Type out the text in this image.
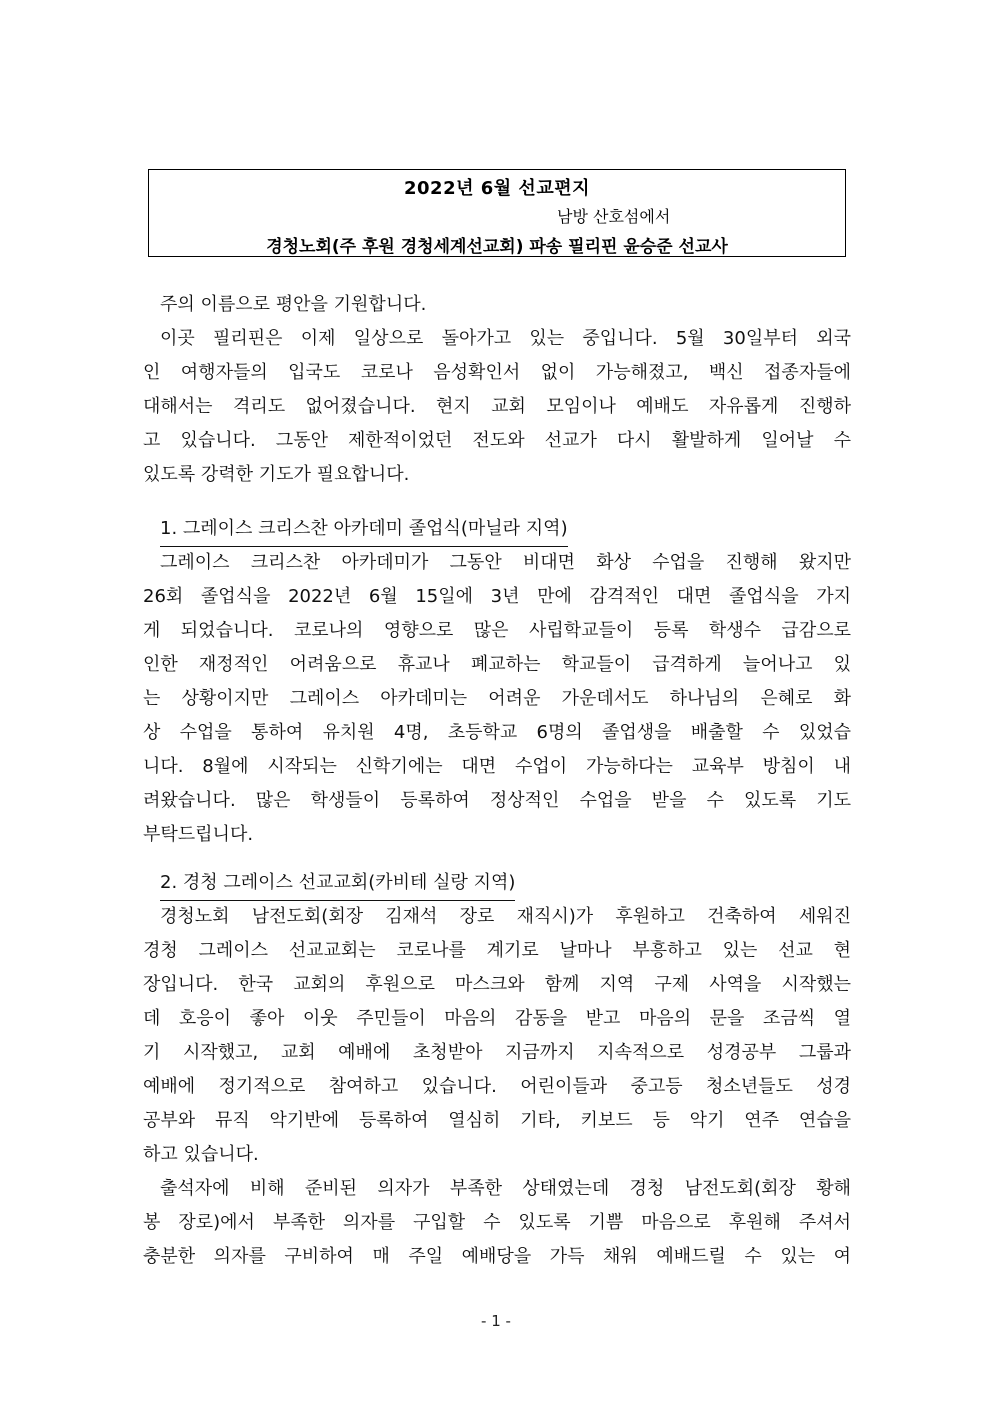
2022년 6월 선교편지
남방 산호섬에서
경청노회(주 후원 경청세계선교회) 파송 필리핀 윤승준 선교사
주의 이름으로 평안을 기원합니다.
이곳 필리핀은 이제 일상으로 돌아가고 있는 중입니다. 5월 30일부터 외국
인 여행자들의 입국도 코로나 음성확인서 없이 가능해졌고, 백신 접종자들에
대해서는 격리도 없어졌습니다. 현지 교회 모임이나 예배도 자유롭게 진행하
고 있습니다. 그동안 제한적이었던 전도와 선교가 다시 활발하게 일어날 수
있도록 강력한 기도가 필요합니다.
1. 그레이스 크리스찬 아카데미 졸업식(마닐라 지역)
그레이스 크리스찬 아카데미가 그동안 비대면 화상 수업을 진행해 왔지만
26회 졸업식을 2022년 6월 15일에 3년 만에 감격적인 대면 졸업식을 가지
게 되었습니다. 코로나의 영향으로 많은 사립학교들이 등록 학생수 급감으로
인한 재정적인 어려움으로 휴교나 폐교하는 학교들이 급격하게 늘어나고 있
는 상황이지만 그레이스 아카데미는 어려운 가운데서도 하나님의 은혜로 화
상 수업을 통하여 유치원 4명, 초등학교 6명의 졸업생을 배출할 수 있었습
니다. 8월에 시작되는 신학기에는 대면 수업이 가능하다는 교육부 방침이 내
려왔습니다. 많은 학생들이 등록하여 정상적인 수업을 받을 수 있도록 기도
부탁드립니다.
2. 경청 그레이스 선교교회(카비테 실랑 지역)
경청노회 남전도회(회장 김재석 장로 재직시)가 후원하고 건축하여 세워진
경청 그레이스 선교교회는 코로나를 계기로 날마나 부흥하고 있는 선교 현
장입니다. 한국 교회의 후원으로 마스크와 함께 지역 구제 사역을 시작했는
데 호응이 좋아 이웃 주민들이 마음의 감동을 받고 마음의 문을 조금씩 열
기 시작했고, 교회 예배에 초청받아 지금까지 지속적으로 성경공부 그룹과
예배에 정기적으로 참여하고 있습니다. 어린이들과 중고등 청소년들도 성경
공부와 뮤직 악기반에 등록하여 열심히 기타, 키보드 등 악기 연주 연습을
하고 있습니다.
출석자에 비해 준비된 의자가 부족한 상태였는데 경청 남전도회(회장 황해
봉 장로)에서 부족한 의자를 구입할 수 있도록 기쁨 마음으로 후원해 주셔서
충분한 의자를 구비하여 매 주일 예배당을 가득 채워 예배드릴 수 있는 여
- 1 -
